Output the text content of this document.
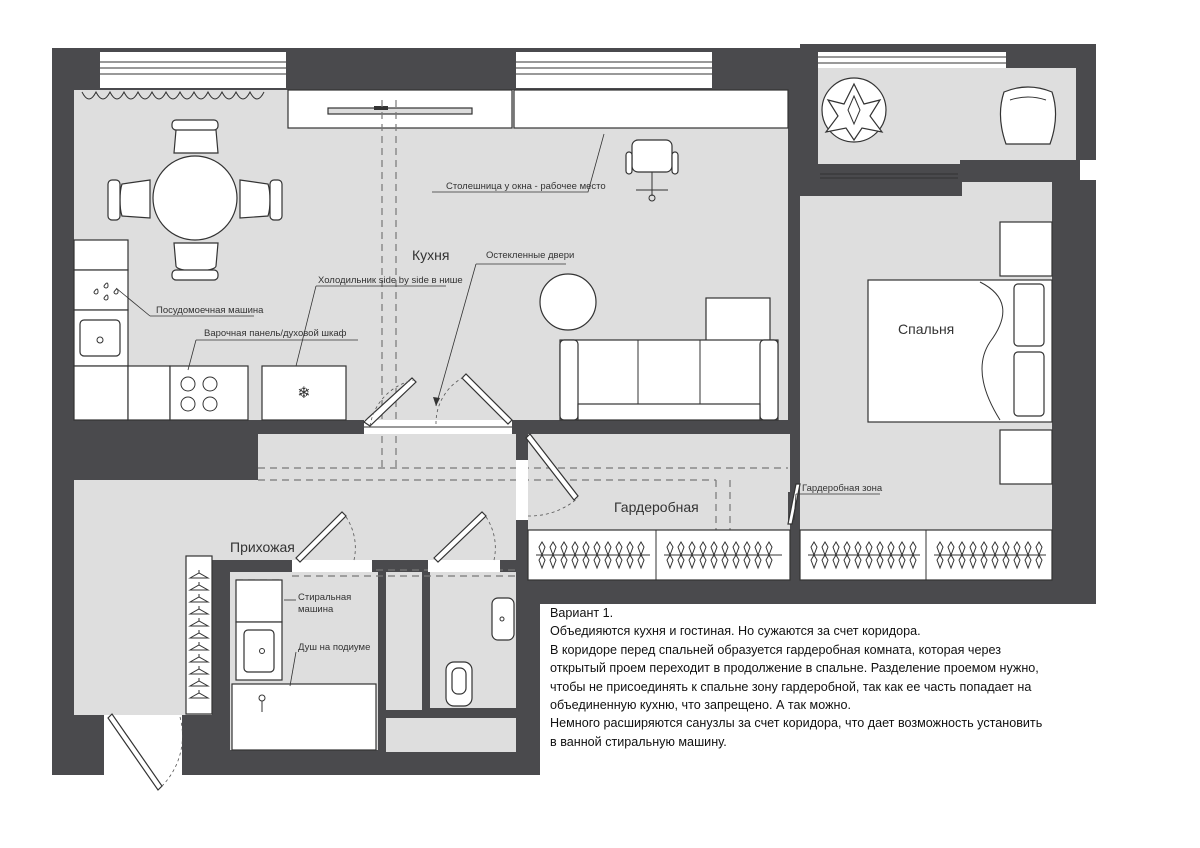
❄
Кухня
Спальня
Гардеробная
Прихожая
Столешница у окна - рабочее место
Остекленные двери
Холодильник side by side в нише
Посудомоечная машина
Варочная панель/духовой шкаф
Гардеробная зона
Стиральная
машина
Душ на подиуме
Вариант 1.
Объедияются кухня и гостиная. Но сужаются за счет коридора.
В коридоре перед спальней образуется гардеробная комната, которая через
открытый проем переходит в продолжение в спальне. Разделение проемом нужно,
чтобы не присоединять к спальне зону гардеробной, так как ее часть попадает на
объединенную кухню, что запрещено. А так можно.
Немного расширяются санузлы за счет коридора, что дает возможность установить
в ванной стиральную машину.
